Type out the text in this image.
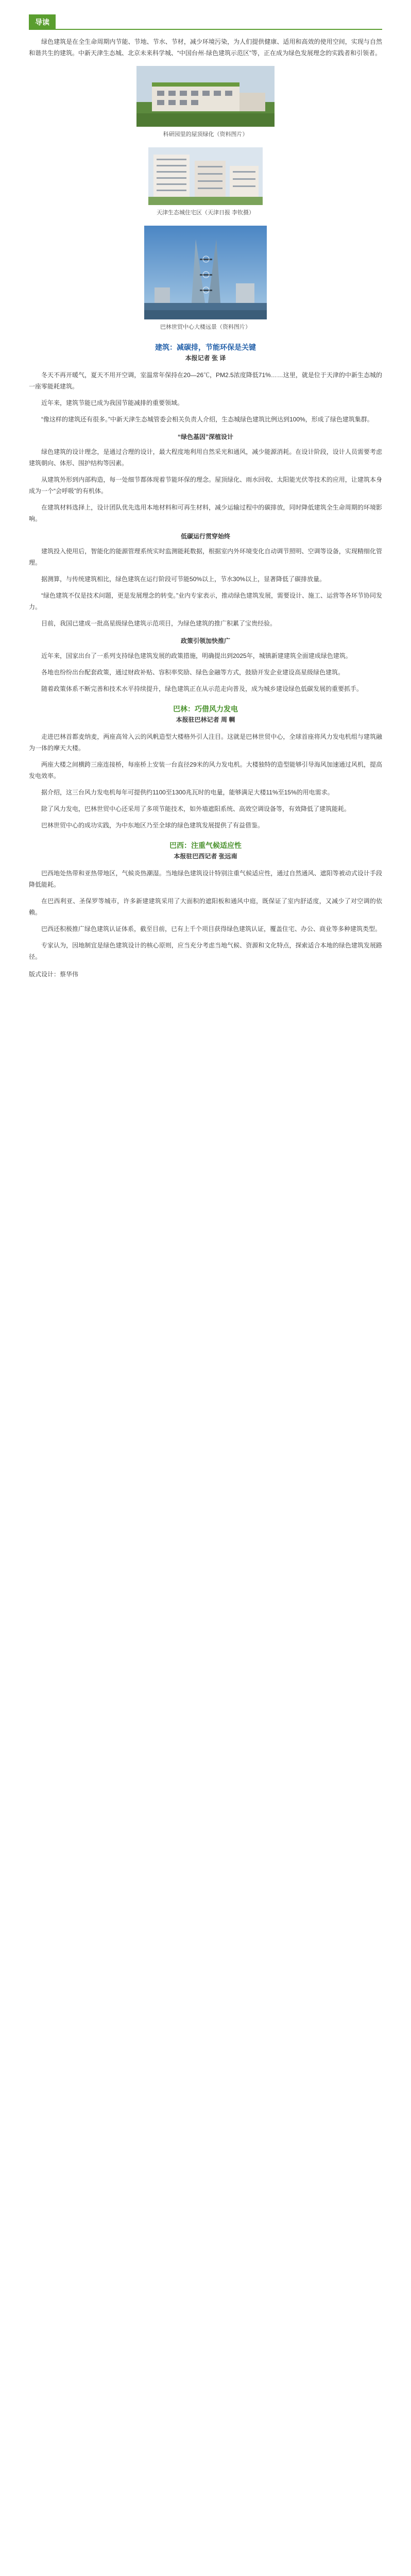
导读

绿色建筑是在全生命周期内节能、节地、节水、节材，减少环境污染，为人们提供健康、适用和高效的使用空间，实现与自然和谐共生的建筑。中新天津生态城、北京未来科学城、“中国台州·绿色建筑示范区”等，正在成为绿色发展理念的实践者和引领者。

科研园里的屋顶绿化（资料图片）

天津生态城住宅区（天津日报 李钦摄）

巴林世贸中心大楼远景（资料图片）

建筑：减碳排，节能环保是关键
本报记者 张 译

冬天不再开暖气，夏天不用开空调，室温常年保持在20—26℃，PM2.5浓度降低71%……这里，就是位于天津的中新生态城的一座零能耗建筑。

近年来，建筑节能已成为我国节能减排的重要领域。

“像这样的建筑还有很多。”中新天津生态城管委会相关负责人介绍，生态城绿色建筑比例达到100%，形成了绿色建筑集群。

“绿色基因”深植设计

绿色建筑的设计理念，是通过合理的设计，最大程度地利用自然采光和通风，减少能源消耗。在设计阶段，设计人员需要考虑建筑朝向、体形、围护结构等因素。

从建筑外形到内部构造，每一处细节都体现着节能环保的理念。屋顶绿化、雨水回收、太阳能光伏等技术的应用，让建筑本身成为一个“会呼吸”的有机体。

在建筑材料选择上，设计团队优先选用本地材料和可再生材料，减少运输过程中的碳排放，同时降低建筑全生命周期的环境影响。

低碳运行贯穿始终

建筑投入使用后，智能化的能源管理系统实时监测能耗数据，根据室内外环境变化自动调节照明、空调等设备，实现精细化管理。

据测算，与传统建筑相比，绿色建筑在运行阶段可节能50%以上，节水30%以上，显著降低了碳排放量。

“绿色建筑不仅是技术问题，更是发展理念的转变。”业内专家表示，推动绿色建筑发展，需要设计、施工、运营等各环节协同发力。

目前，我国已建成一批高星级绿色建筑示范项目，为绿色建筑的推广积累了宝贵经验。

政策引领加快推广

近年来，国家出台了一系列支持绿色建筑发展的政策措施，明确提出到2025年，城镇新建建筑全面建成绿色建筑。

各地也纷纷出台配套政策，通过财政补贴、容积率奖励、绿色金融等方式，鼓励开发企业建设高星级绿色建筑。

随着政策体系不断完善和技术水平持续提升，绿色建筑正在从示范走向普及，成为城乡建设绿色低碳发展的重要抓手。

巴林：巧借风力发电
本报驻巴林记者 周 輖

走进巴林首都麦纳麦，两座高耸入云的风帆造型大楼格外引人注目。这就是巴林世贸中心，全球首座将风力发电机组与建筑融为一体的摩天大楼。

两座大楼之间横跨三座连接桥，每座桥上安装一台直径29米的风力发电机。大楼独特的造型能够引导海风加速通过风机，提高发电效率。

据介绍，这三台风力发电机每年可提供约1100至1300兆瓦时的电量，能够满足大楼11%至15%的用电需求。

除了风力发电，巴林世贸中心还采用了多项节能技术，如外墙遮阳系统、高效空调设备等，有效降低了建筑能耗。

巴林世贸中心的成功实践，为中东地区乃至全球的绿色建筑发展提供了有益借鉴。

巴西：注重气候适应性
本报驻巴西记者 张远南

巴西地处热带和亚热带地区，气候炎热潮湿。当地绿色建筑设计特别注重气候适应性，通过自然通风、遮阳等被动式设计手段降低能耗。

在巴西利亚、圣保罗等城市，许多新建建筑采用了大面积的遮阳板和通风中庭，既保证了室内舒适度，又减少了对空调的依赖。

巴西还积极推广绿色建筑认证体系，截至目前，已有上千个项目获得绿色建筑认证，覆盖住宅、办公、商业等多种建筑类型。

专家认为，因地制宜是绿色建筑设计的核心原则，应当充分考虑当地气候、资源和文化特点，探索适合本地的绿色建筑发展路径。

版式设计：蔡华伟
